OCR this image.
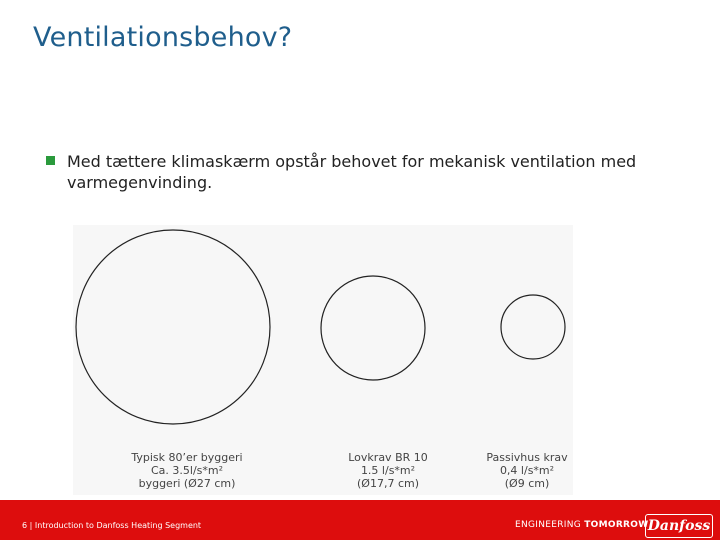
Ventilationsbehov?
Med tættere klimaskærm opstår behovet for mekanisk ventilation med varmegenvinding.
Typisk 80’er byggeri
Ca. 3.5l/s*m²
byggeri (Ø27 cm)
Lovkrav BR 10
1.5 l/s*m²
(Ø17,7 cm)
Passivhus krav
0,4 l/s*m²
(Ø9 cm)
6 | Introduction to Danfoss Heating Segment	ENGINEERING TOMORROW Danfoss
